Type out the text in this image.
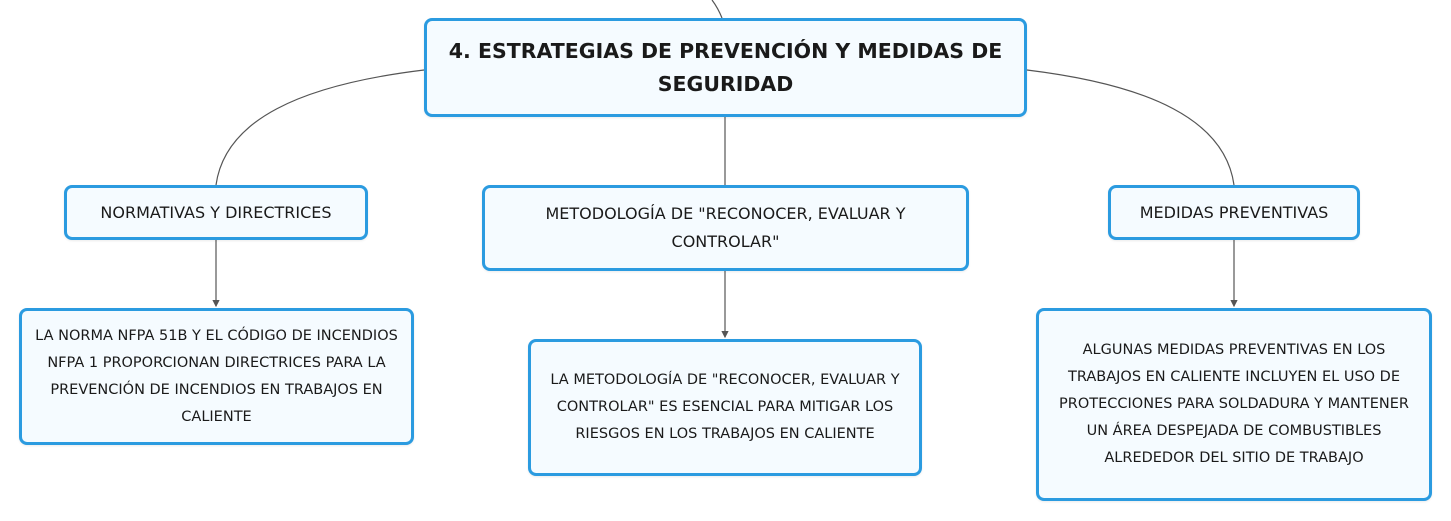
4. ESTRATEGIAS DE PREVENCIÓN Y MEDIDAS DE SEGURIDAD
NORMATIVAS Y DIRECTRICES	METODOLOGÍA DE "RECONOCER, EVALUAR Y CONTROLAR"
MEDIDAS PREVENTIVAS
LA NORMA NFPA 51B Y EL CÓDIGO DE INCENDIOS NFPA 1 PROPORCIONAN DIRECTRICES PARA LA PREVENCIÓN DE INCENDIOS EN TRABAJOS EN CALIENTE
LA METODOLOGÍA DE "RECONOCER, EVALUAR Y CONTROLAR" ES ESENCIAL PARA MITIGAR LOS RIESGOS EN LOS TRABAJOS EN CALIENTE
ALGUNAS MEDIDAS PREVENTIVAS EN LOS TRABAJOS EN CALIENTE INCLUYEN EL USO DE PROTECCIONES PARA SOLDADURA Y MANTENER UN ÁREA DESPEJADA DE COMBUSTIBLES ALREDEDOR DEL SITIO DE TRABAJO
